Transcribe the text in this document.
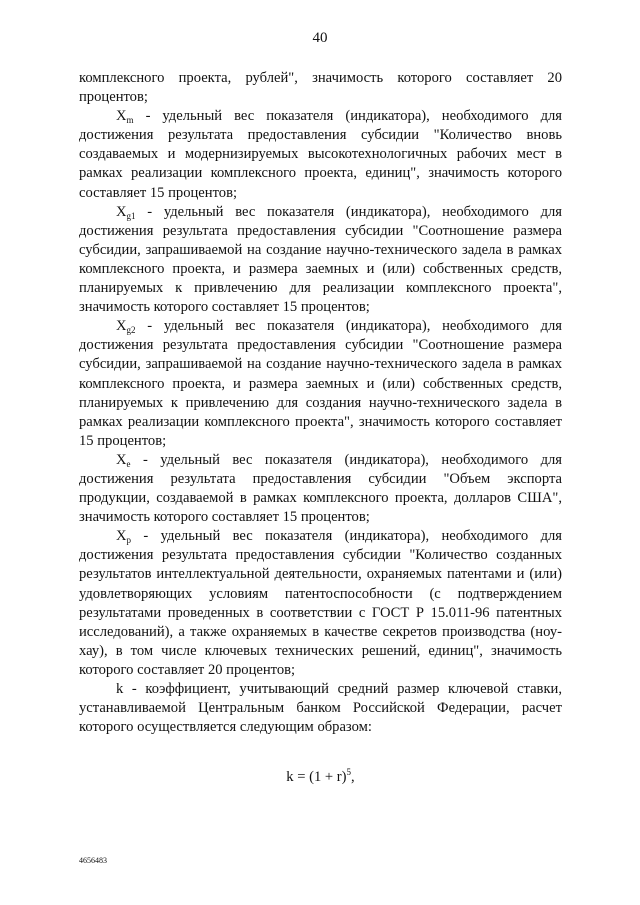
40

комплексного проекта, рублей", значимость которого составляет 20 процентов;

$X_m$ - удельный вес показателя (индикатора), необходимого для достижения результата предоставления субсидии "Количество вновь создаваемых и модернизируемых высокотехнологичных рабочих мест в рамках реализации комплексного проекта, единиц", значимость которого составляет 15 процентов;

$X_{g1}$ - удельный вес показателя (индикатора), необходимого для достижения результата предоставления субсидии "Соотношение размера субсидии, запрашиваемой на создание научно-технического задела в рамках комплексного проекта, и размера заемных и (или) собственных средств, планируемых к привлечению для реализации комплексного проекта", значимость которого составляет 15 процентов;

$X_{g2}$ - удельный вес показателя (индикатора), необходимого для достижения результата предоставления субсидии "Соотношение размера субсидии, запрашиваемой на создание научно-технического задела в рамках комплексного проекта, и размера заемных и (или) собственных средств, планируемых к привлечению для создания научно-технического задела в рамках реализации комплексного проекта", значимость которого составляет 15 процентов;

$X_e$ - удельный вес показателя (индикатора), необходимого для достижения результата предоставления субсидии "Объем экспорта продукции, создаваемой в рамках комплексного проекта, долларов США", значимость которого составляет 15 процентов;

$X_p$ - удельный вес показателя (индикатора), необходимого для достижения результата предоставления субсидии "Количество созданных результатов интеллектуальной деятельности, охраняемых патентами и (или) удовлетворяющих условиям патентоспособности (с подтверждением результатами проведенных в соответствии с ГОСТ Р 15.011-96 патентных исследований), а также охраняемых в качестве секретов производства (ноу-хау), в том числе ключевых технических решений, единиц", значимость которого составляет 20 процентов;

k - коэффициент, учитывающий средний размер ключевой ставки, устанавливаемой Центральным банком Российской Федерации, расчет которого осуществляется следующим образом:

$k = (1 + r)^5$,
4656483
